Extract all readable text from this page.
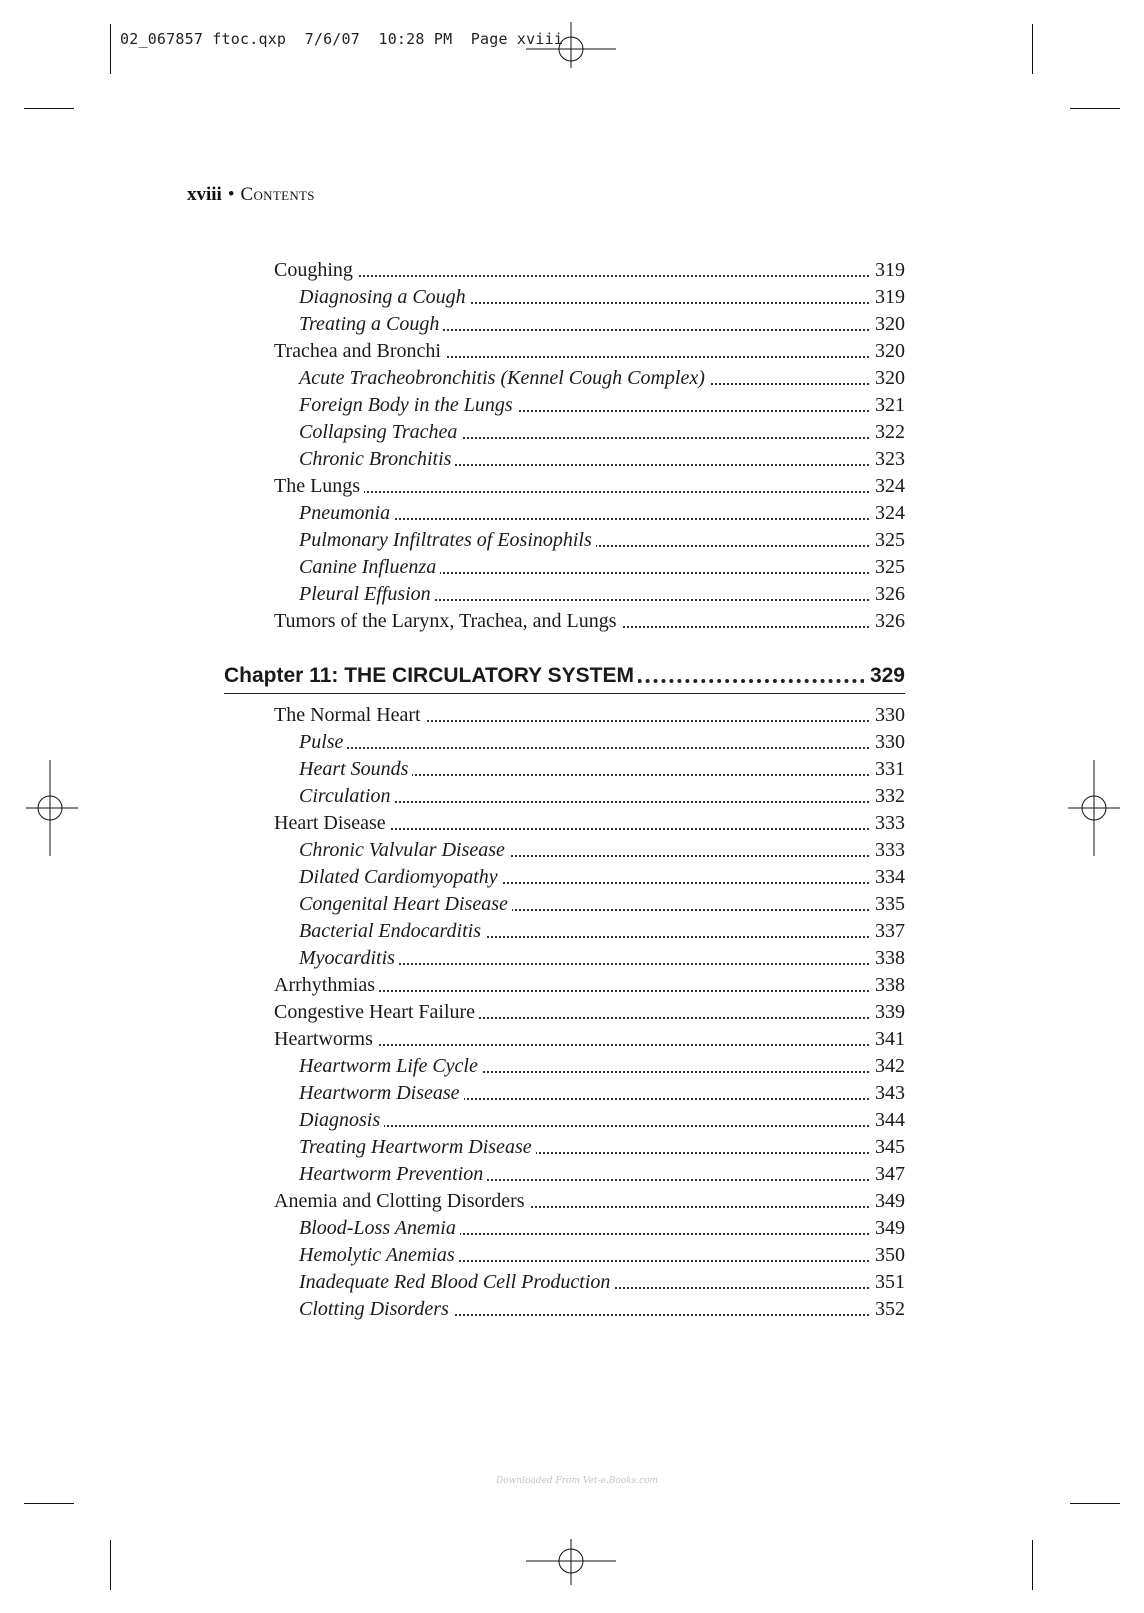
02_067857 ftoc.qxp  7/6/07  10:28 PM  Page xviii
xviii • Contents
Coughing	319
Diagnosing a Cough	319
Treating a Cough	320
Trachea and Bronchi	320
Acute Tracheobronchitis (Kennel Cough Complex)	320
Foreign Body in the Lungs	321
Collapsing Trachea	322
Chronic Bronchitis	323
The Lungs	324
Pneumonia	324
Pulmonary Infiltrates of Eosinophils	325
Canine Influenza	325
Pleural Effusion	326
Tumors of the Larynx, Trachea, and Lungs	326
Chapter 11: THE CIRCULATORY SYSTEM	329
The Normal Heart	330
Pulse	330
Heart Sounds	331
Circulation	332
Heart Disease	333
Chronic Valvular Disease	333
Dilated Cardiomyopathy	334
Congenital Heart Disease	335
Bacterial Endocarditis	337
Myocarditis	338
Arrhythmias	338
Congestive Heart Failure	339
Heartworms	341
Heartworm Life Cycle	342
Heartworm Disease	343
Diagnosis	344
Treating Heartworm Disease	345
Heartworm Prevention	347
Anemia and Clotting Disorders	349
Blood-Loss Anemia	349
Hemolytic Anemias	350
Inadequate Red Blood Cell Production	351
Clotting Disorders	352
Downloaded From Vet-e.Books.com
